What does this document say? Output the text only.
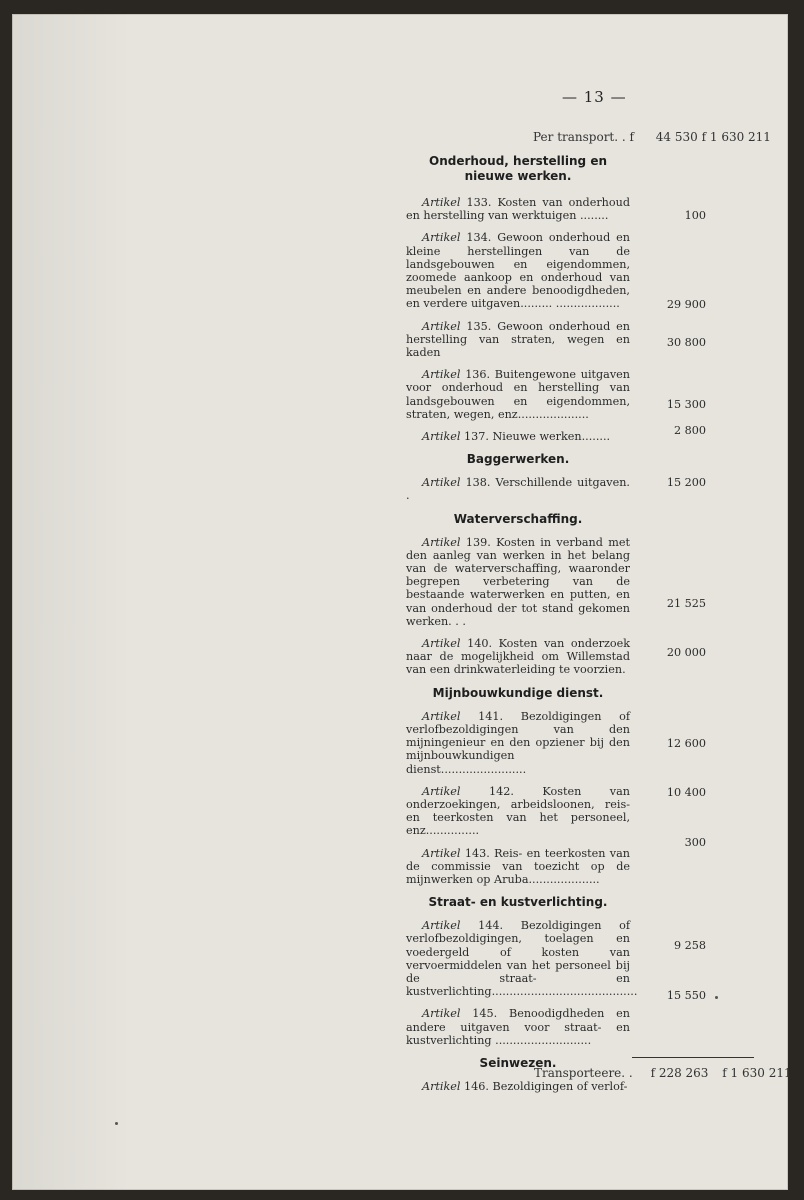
— 13 —
Per transport. . f 44 530 f 1 630 211
Onderhoud, herstelling en
nieuwe werken.

Artikel 133. Kosten van onderhoud en herstelling van werktuigen ........

Artikel 134. Gewoon onderhoud en kleine herstellingen van de landsgebouwen en eigendommen, zoomede aankoop en onderhoud van meubelen en andere benoodigdheden, en verdere uitgaven......... ..................

Artikel 135. Gewoon onderhoud en herstelling van straten, wegen en kaden

Artikel 136. Buitengewone uitgaven voor onderhoud en herstelling van landsgebouwen en eigendommen, straten, wegen, enz....................

Artikel 137. Nieuwe werken........

Baggerwerken.

Artikel 138. Verschillende uitgaven. .

Waterverschaffing.

Artikel 139. Kosten in verband met den aanleg van werken in het belang van de waterverschaffing, waaronder begrepen verbetering van de bestaande waterwerken en putten, en van onderhoud der tot stand gekomen werken. . .

Artikel 140. Kosten van onderzoek naar de mogelijkheid om Willemstad van een drinkwaterleiding te voorzien.

Mijnbouwkundige dienst.

Artikel 141. Bezoldigingen of verlofbezoldigingen van den mijningenieur en den opziener bij den mijnbouwkundigen dienst........................

Artikel	142. Kosten van onderzoekingen, arbeidsloonen, reis- en teerkosten van het personeel, enz...............

Artikel 143. Reis- en teerkosten van de commissie van toezicht op de mijnwerken op Aruba....................

Straat- en kustverlichting.

Artikel 144. Bezoldigingen of verlofbezoldigingen, toelagen en voedergeld of kosten van vervoermiddelen van het personeel bij de straat- en kustverlichting.........................................

Artikel 145. Benoodigdheden en andere uitgaven voor straat- en kustverlichting ...........................

Seinwezen.

Artikel 146. Bezoldigingen of verlof-

100
29 900
30 800
15 300
2 800
15 200
21 525
20 000
12 600
10 400
300
9 258
15 550
Transporteere. . f 228 263 f 1 630 211
